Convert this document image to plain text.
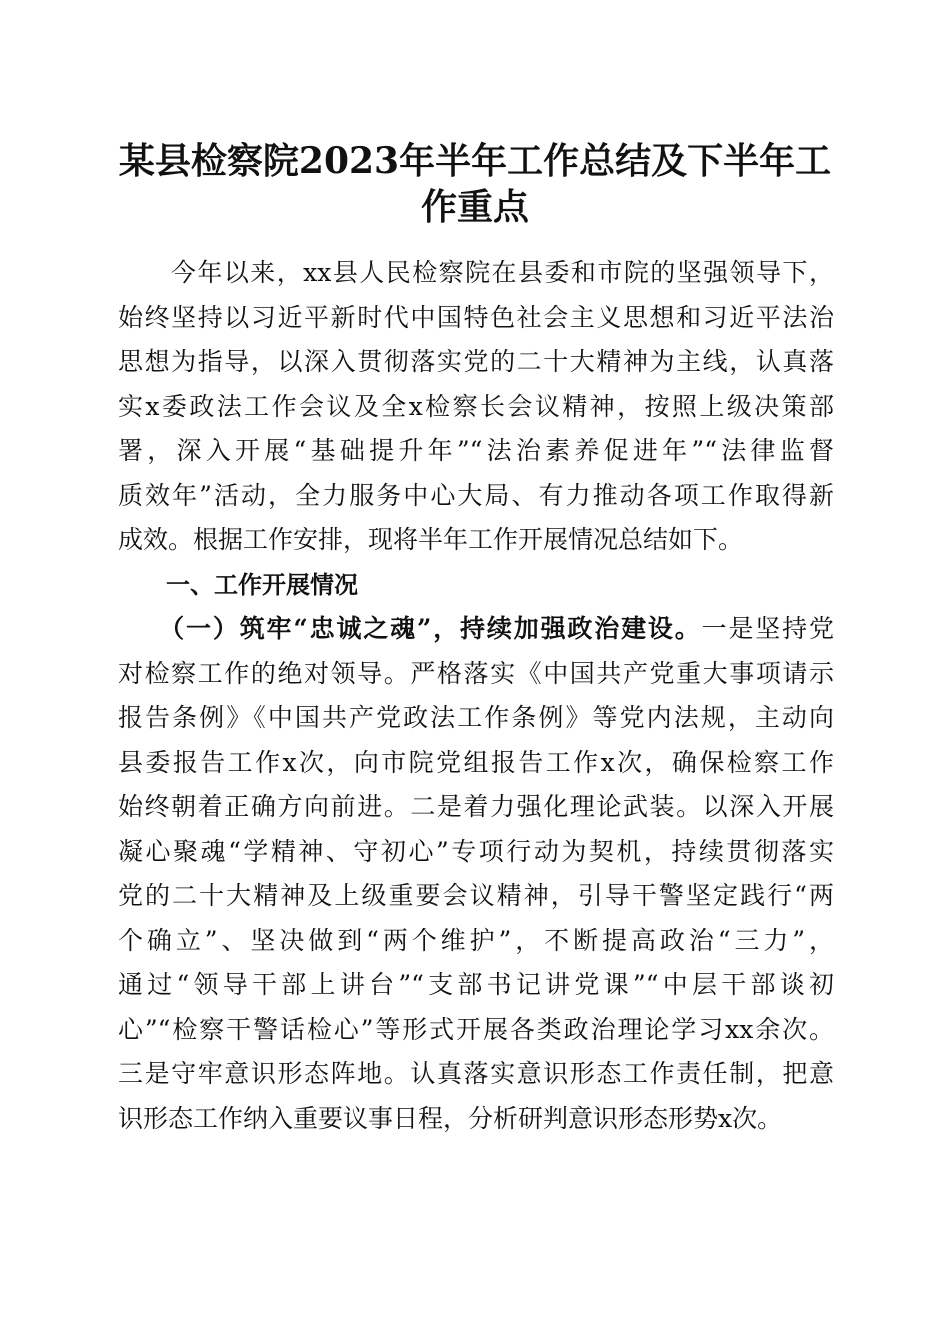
某县检察院2023年半年工作总结及下半年工
作重点
　　今年以来，xx县人民检察院在县委和市院的坚强领导下，
始终坚持以习近平新时代中国特色社会主义思想和习近平法治
思想为指导，以深入贯彻落实党的二十大精神为主线，认真落
实x委政法工作会议及全x检察长会议精神，按照上级决策部
署，深入开展“基础提升年”“法治素养促进年”“法律监督
质效年”活动，全力服务中心大局、有力推动各项工作取得新
成效。根据工作安排，现将半年工作开展情况总结如下。
　　一、工作开展情况
　　（一）筑牢“忠诚之魂”，持续加强政治建设。一是坚持党
对检察工作的绝对领导。严格落实《中国共产党重大事项请示
报告条例》《中国共产党政法工作条例》等党内法规，主动向
县委报告工作x次，向市院党组报告工作x次，确保检察工作
始终朝着正确方向前进。二是着力强化理论武装。以深入开展
凝心聚魂“学精神、守初心”专项行动为契机，持续贯彻落实
党的二十大精神及上级重要会议精神，引导干警坚定践行“两
个确立”、坚决做到“两个维护”，不断提高政治“三力”，
通过“领导干部上讲台”“支部书记讲党课”“中层干部谈初
心”“检察干警话检心”等形式开展各类政治理论学习xx余次。
三是守牢意识形态阵地。认真落实意识形态工作责任制，把意
识形态工作纳入重要议事日程，分析研判意识形态形势x次。
